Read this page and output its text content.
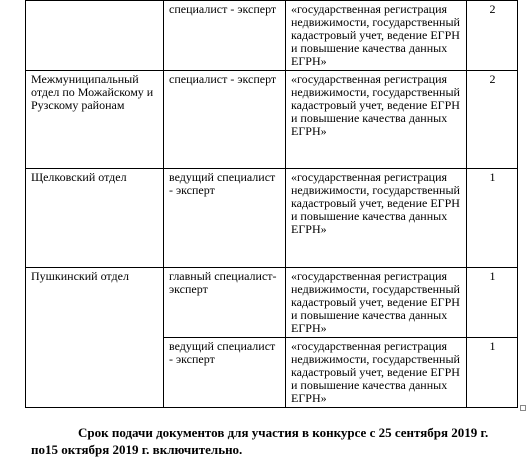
	специалист - эксперт	«государственная регистрация недвижимости, государственный кадастровый учет, ведение ЕГРН и повышение качества данных ЕГРН»	2
Межмуниципальный отдел по Можайскому и Рузскому районам	специалист - эксперт	«государственная регистрация недвижимости, государственный кадастровый учет, ведение ЕГРН и повышение качества данных ЕГРН»	2
Щелковский отдел	ведущий специалист - эксперт	«государственная регистрация недвижимости, государственный кадастровый учет, ведение ЕГРН и повышение качества данных ЕГРН»	1
Пушкинский отдел	главный специалист-эксперт	«государственная регистрация недвижимости, государственный кадастровый учет, ведение ЕГРН и повышение качества данных ЕГРН»	1
	ведущий специалист - эксперт	«государственная регистрация недвижимости, государственный кадастровый учет, ведение ЕГРН и повышение качества данных ЕГРН»	1
Срок подачи документов для участия в конкурсе с 25 сентября 2019 г.
по15 октября 2019 г. включительно.
